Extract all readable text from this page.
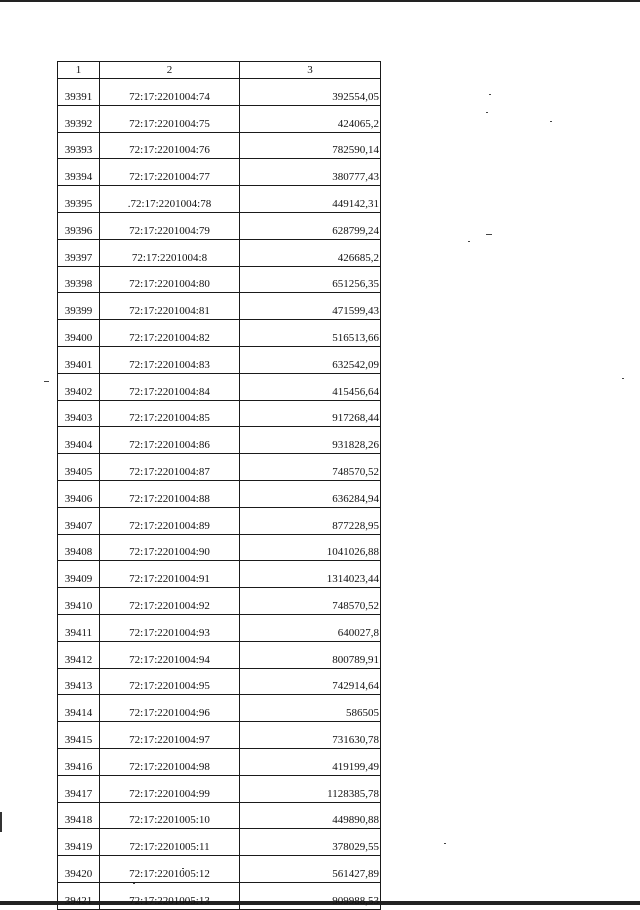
1	2	3
39391	72:17:2201004:74	392554,05
39392	72:17:2201004:75	424065,2
39393	72:17:2201004:76	782590,14
39394	72:17:2201004:77	380777,43
39395	.72:17:2201004:78	449142,31
39396	72:17:2201004:79	628799,24
39397	72:17:2201004:8	426685,2
39398	72:17:2201004:80	651256,35
39399	72:17:2201004:81	471599,43
39400	72:17:2201004:82	516513,66
39401	72:17:2201004:83	632542,09
39402	72:17:2201004:84	415456,64
39403	72:17:2201004:85	917268,44
39404	72:17:2201004:86	931828,26
39405	72:17:2201004:87	748570,52
39406	72:17:2201004:88	636284,94
39407	72:17:2201004:89	877228,95
39408	72:17:2201004:90	1041026,88
39409	72:17:2201004:91	1314023,44
39410	72:17:2201004:92	748570,52
39411	72:17:2201004:93	640027,8
39412	72:17:2201004:94	800789,91
39413	72:17:2201004:95	742914,64
39414	72:17:2201004:96	586505
39415	72:17:2201004:97	731630,78
39416	72:17:2201004:98	419199,49
39417	72:17:2201004:99	1128385,78
39418	72:17:2201005:10	449890,88
39419	72:17:2201005:11	378029,55
39420	72:17:2201005:12	561427,89
39421	72:17:2201005:13	909988,53
